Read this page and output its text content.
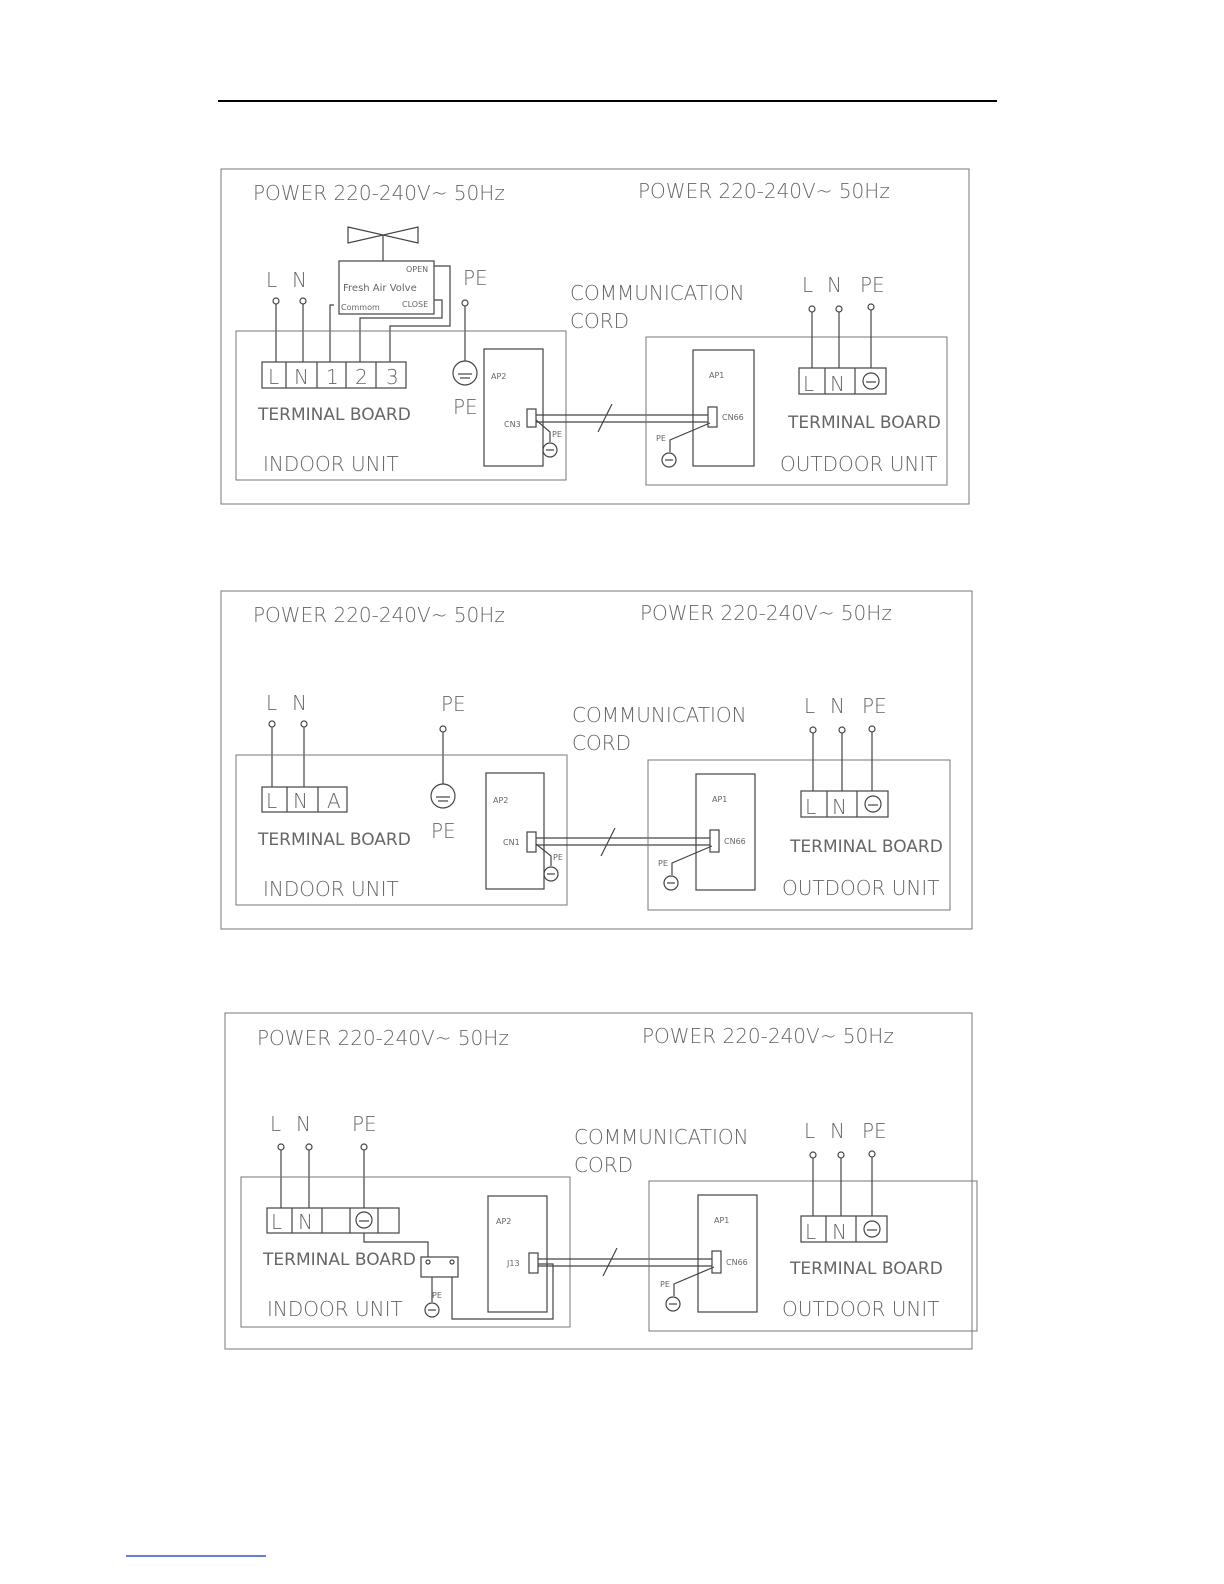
POWER 220-240V~ 50Hz	POWER 220-240V~ 50Hz
OPEN
Fresh Air Volve
Commom	CLOSE
L N	PE
L N 1 2 3
TERMINAL BOARD
INDOOR UNIT
PE
AP2
CN3
PE
COMMUNICATION
CORD
AP1
CN66
PE
L N PE
L N
TERMINAL BOARD
OUTDOOR UNIT
POWER 220-240V~ 50Hz	POWER 220-240V~ 50Hz
L N	PE
L N A
TERMINAL BOARD
INDOOR UNIT
PE
AP2
CN1
PE
COMMUNICATION
CORD
AP1
CN66
PE
L N PE
L N
TERMINAL BOARD
OUTDOOR UNIT
POWER 220-240V~ 50Hz	POWER 220-240V~ 50Hz
L N PE
L N
TERMINAL BOARD
INDOOR UNIT
PE
AP2
J13
COMMUNICATION
CORD
AP1
CN66
PE
L N PE
L N
TERMINAL BOARD
OUTDOOR UNIT
